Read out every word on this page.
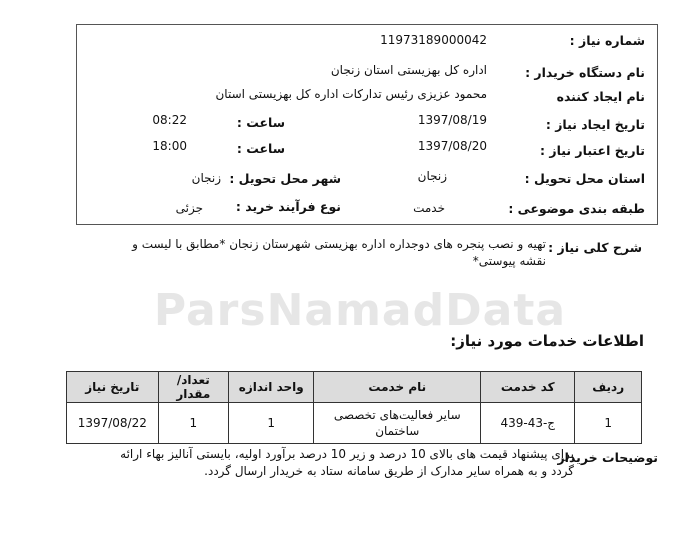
ParsNamadData
شماره نیاز :
11973189000042
نام دستگاه خریدار :
اداره کل بهزیستی استان زنجان
نام ایجاد کننده
محمود عزیزی رئیس تدارکات اداره کل بهزیستی استان
تاریخ ایجاد نیاز :
1397/08/19
ساعت :
08:22
تاریخ اعتبار نیاز :
1397/08/20
ساعت :
18:00
استان محل تحویل :
زنجان
شهر محل تحویل :
زنجان
طبقه بندی موضوعی :
خدمت
نوع فرآیند خرید :
جزئی
شرح کلی نیاز :
تهیه و نصب پنجره های دوجداره اداره بهزیستی شهرستان زنجان *مطابق با لیست و نقشه پیوستی*
اطلاعات خدمات مورد نیاز:
ردیف	کد خدمت	نام خدمت	واحد اندازه	تعداد/ مقدار	تاریخ نیاز
1	ج-43-439	سایر فعالیت‌های تخصصی ساختمان	1	1	1397/08/22
توضیحات خریدار
برای پیشنهاد قیمت های بالای 10 درصد و زیر 10 درصد برآورد اولیه، بایستی آنالیز بهاء ارائه گردد و به همراه سایر مدارک از طریق سامانه ستاد به خریدار ارسال گردد.
